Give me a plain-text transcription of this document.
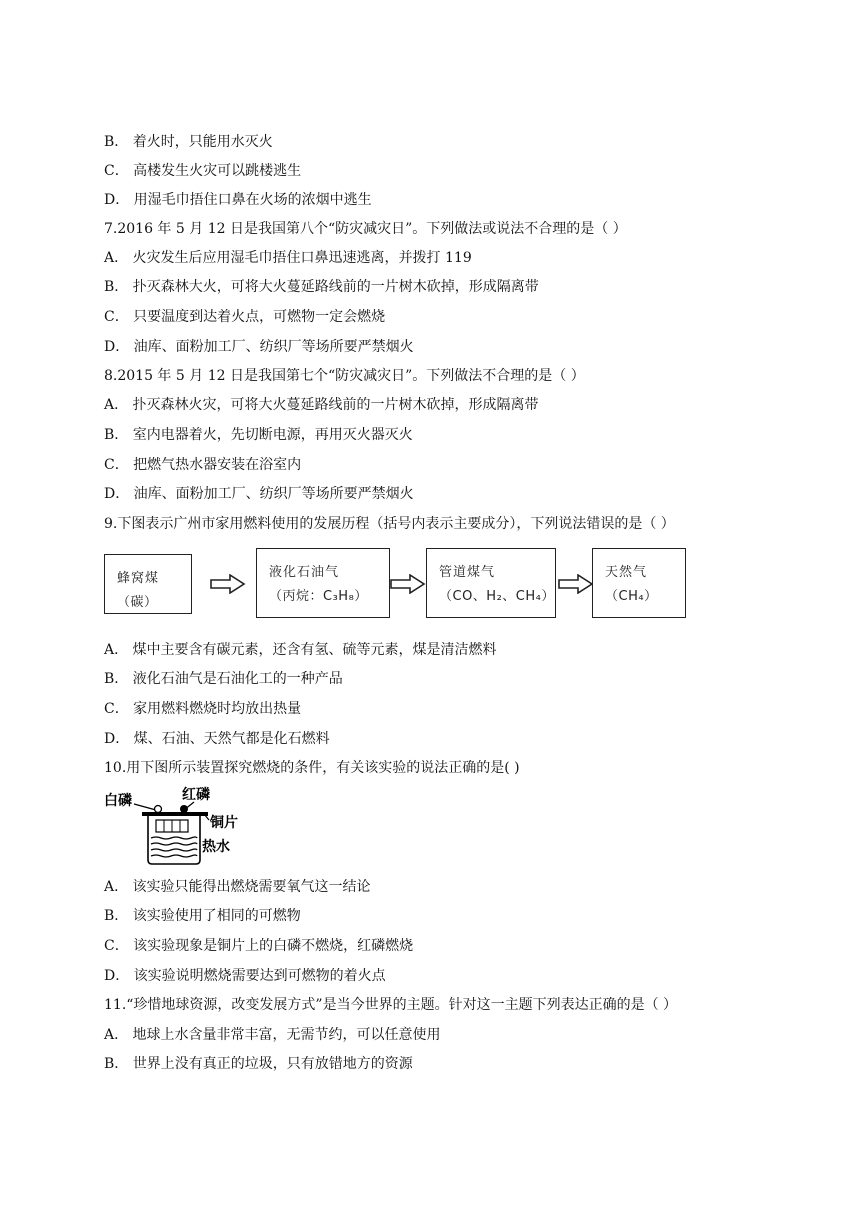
B． 着火时，只能用水灭火
C． 高楼发生火灾可以跳楼逃生
D． 用湿毛巾捂住口鼻在火场的浓烟中逃生
7.2016 年 5 月 12 日是我国第八个“防灾减灾日”。下列做法或说法不合理的是（ ）
A． 火灾发生后应用湿毛巾捂住口鼻迅速逃离，并拨打 119
B． 扑灭森林大火，可将大火蔓延路线前的一片树木砍掉，形成隔离带
C． 只要温度到达着火点，可燃物一定会燃烧
D． 油库、面粉加工厂、纺织厂等场所要严禁烟火
8.2015 年 5 月 12 日是我国第七个“防灾减灾日”。下列做法不合理的是（ ）
A． 扑灭森林火灾，可将大火蔓延路线前的一片树木砍掉，形成隔离带
B． 室内电器着火，先切断电源，再用灭火器灭火
C． 把燃气热水器安装在浴室内
D． 油库、面粉加工厂、纺织厂等场所要严禁烟火
9.下图表示广州市家用燃料使用的发展历程（括号内表示主要成分），下列说法错误的是（ ）
蜂窝煤
（碳）
液化石油气
（丙烷：C₃H₈）
管道煤气
（CO、H₂、CH₄）
天然气
（CH₄）
A． 煤中主要含有碳元素，还含有氢、硫等元素，煤是清洁燃料
B． 液化石油气是石油化工的一种产品
C． 家用燃料燃烧时均放出热量
D． 煤、石油、天然气都是化石燃料
10.用下图所示装置探究燃烧的条件，有关该实验的说法正确的是( )
白磷	红磷
铜片
热水
A． 该实验只能得出燃烧需要氧气这一结论
B． 该实验使用了相同的可燃物
C． 该实验现象是铜片上的白磷不燃烧，红磷燃烧
D． 该实验说明燃烧需要达到可燃物的着火点
11.“珍惜地球资源，改变发展方式”是当今世界的主题。针对这一主题下列表达正确的是（ ）
A． 地球上水含量非常丰富，无需节约，可以任意使用
B． 世界上没有真正的垃圾，只有放错地方的资源
